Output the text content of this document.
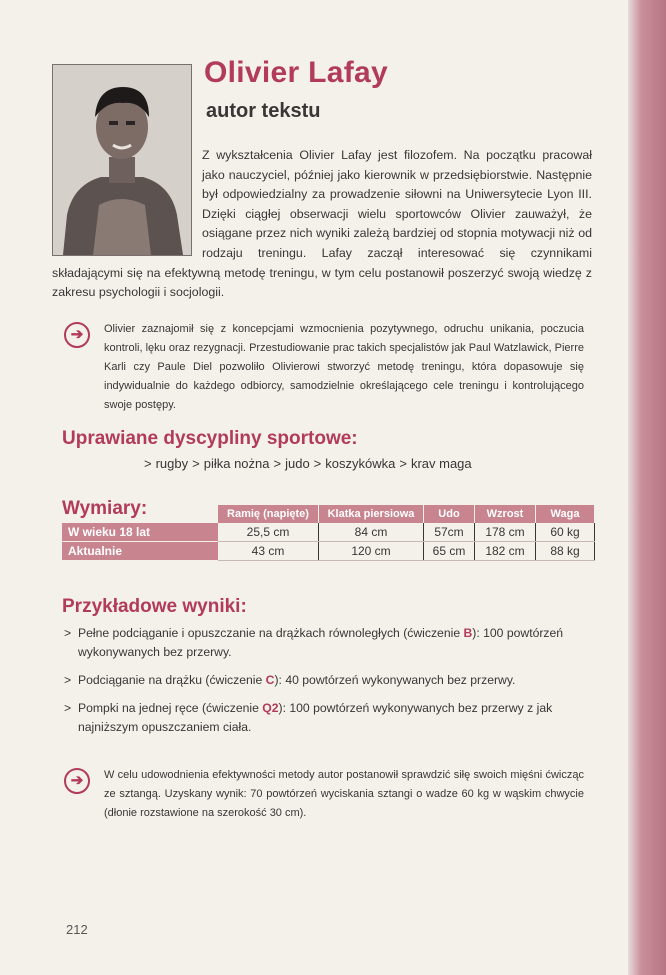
Olivier Lafay
autor tekstu

Z wykształcenia Olivier Lafay jest filozofem. Na początku pracował jako nauczyciel, później jako kierownik w przedsiębiorstwie. Następnie był odpowiedzialny za prowadzenie siłowni na Uniwersytecie Lyon III. Dzięki ciągłej obserwacji wielu sportowców Olivier zauważył, że osiągane przez nich wyniki zależą bardziej od stopnia motywacji niż od rodzaju treningu. Lafay zaczął interesować się czynnikami składającymi się na efektywną metodę treningu, w tym celu postanowił poszerzyć swoją wiedzę z zakresu psychologii i socjologii.

➔	Olivier zaznajomił się z koncepcjami wzmocnienia pozytywnego, odruchu unikania, poczucia kontroli, lęku oraz rezygnacji. Przestudiowanie prac takich specjalistów jak Paul Watzlawick, Pierre Karli czy Paule Diel pozwoliło Olivierowi stworzyć metodę treningu, która dopasowuje się indywidualnie do każdego odbiorcy, samodzielnie określającego cele treningu i kontrolującego swoje postępy.

Uprawiane dyscypliny sportowe:
> rugby > piłka nożna > judo > koszykówka > krav maga
Wymiary:
		Ramię (napięte)	Klatka piersiowa	Udo	Wzrost	Waga
W wieku 18 lat	25,5 cm	84 cm	57cm	178 cm	60 kg
Aktualnie	43 cm	120 cm	65 cm	182 cm	88 kg
Przykładowe wyniki:
> Pełne podciąganie i opuszczanie na drążkach równoległych (ćwiczenie B): 100 powtórzeń wykonywanych bez przerwy.
> Podciąganie na drążku (ćwiczenie C): 40 powtórzeń wykonywanych bez przerwy.
> Pompki na jednej ręce (ćwiczenie Q2): 100 powtórzeń wykonywanych bez przerwy z jak najniższym opuszczaniem ciała.
➔	W celu udowodnienia efektywności metody autor postanowił sprawdzić siłę swoich mięśni ćwicząc ze sztangą. Uzyskany wynik: 70 powtórzeń wyciskania sztangi o wadze 60 kg w wąskim chwycie (dłonie rozstawione na szerokość 30 cm).

212
